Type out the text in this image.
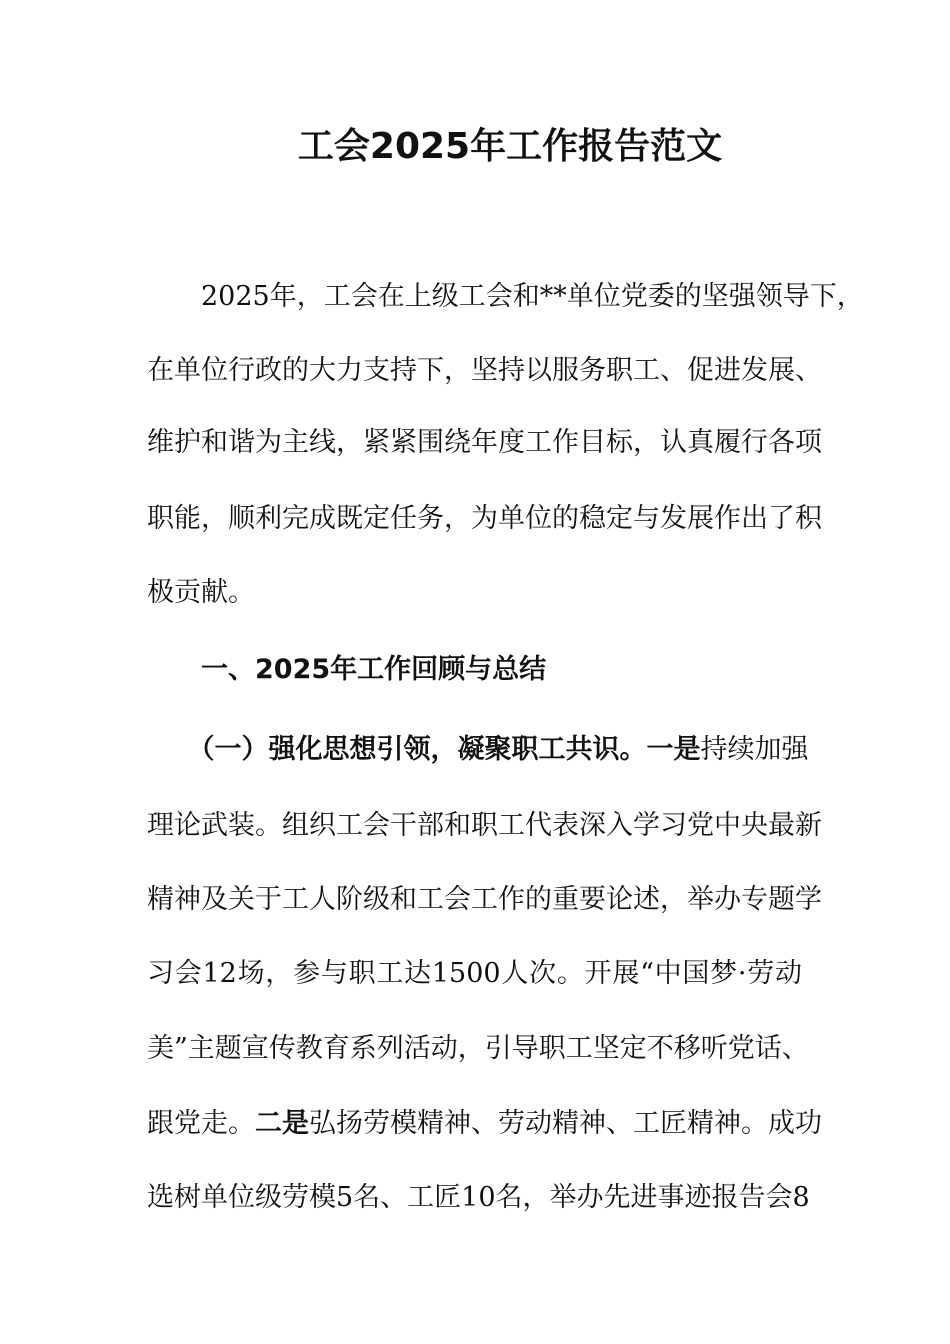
工会2025年工作报告范文
　　2025年，工会在上级工会和**单位党委的坚强领导下，
在单位行政的大力支持下，坚持以服务职工、促进发展、
维护和谐为主线，紧紧围绕年度工作目标，认真履行各项
职能，顺利完成既定任务，为单位的稳定与发展作出了积
极贡献。
　　一、2025年工作回顾与总结
　　（一）强化思想引领，凝聚职工共识。一是持续加强
理论武装。组织工会干部和职工代表深入学习党中央最新
精神及关于工人阶级和工会工作的重要论述，举办专题学
习会12场，参与职工达1500人次。开展“中国梦·劳动
美”主题宣传教育系列活动，引导职工坚定不移听党话、
跟党走。二是弘扬劳模精神、劳动精神、工匠精神。成功
选树单位级劳模5名、工匠10名，举办先进事迹报告会8
